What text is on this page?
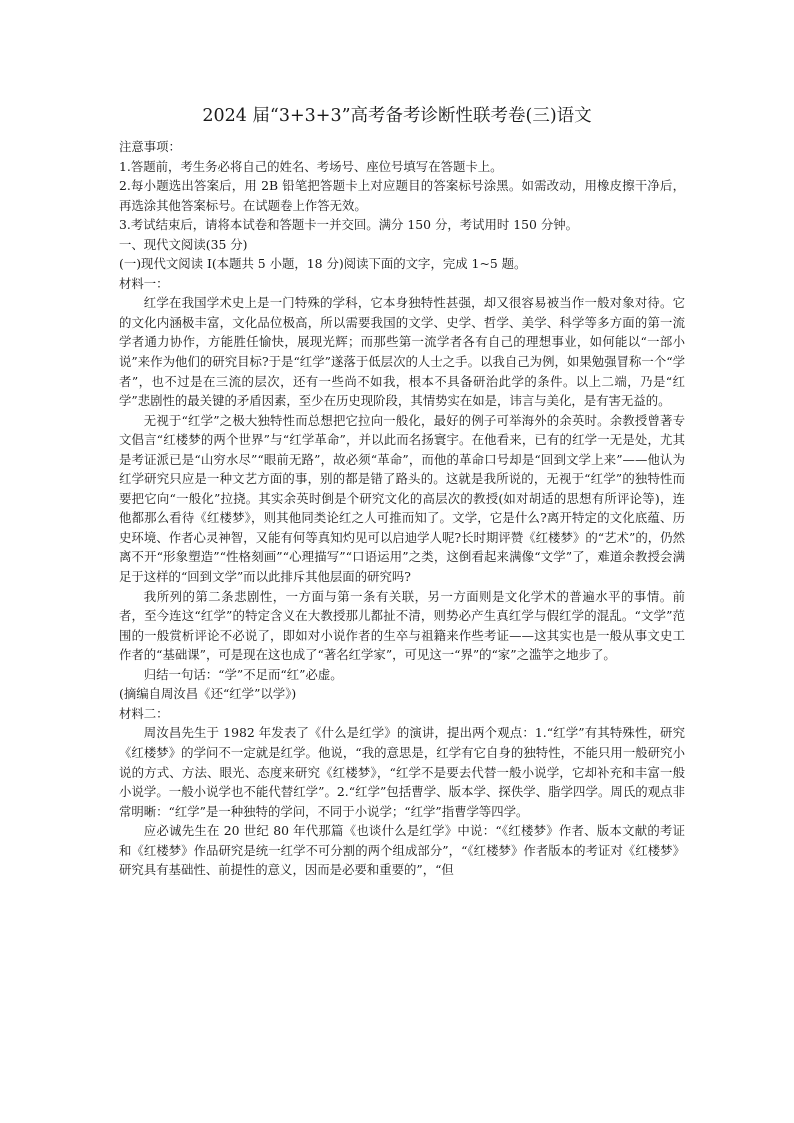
2024 届“3+3+3”高考备考诊断性联考卷(三)语文

注意事项：

1.答题前，考生务必将自己的姓名、考场号、座位号填写在答题卡上。

2.每小题选出答案后，用 2B 铅笔把答题卡上对应题目的答案标号涂黑。如需改动，用橡皮擦干净后，再选涂其他答案标号。在试题卷上作答无效。

3.考试结束后，请将本试卷和答题卡一并交回。满分 150 分，考试用时 150 分钟。

一、现代文阅读(35 分)

(一)现代文阅读 I(本题共 5 小题，18 分)阅读下面的文字，完成 1~5 题。

材料一：

红学在我国学术史上是一门特殊的学科，它本身独特性甚强，却又很容易被当作一般对象对待。它的文化内涵极丰富，文化品位极高，所以需要我国的文学、史学、哲学、美学、科学等多方面的第一流学者通力协作，方能胜任愉快，展现光辉；而那些第一流学者各有自己的理想事业，如何能以“一部小说”来作为他们的研究目标?于是“红学”遂落于低层次的人士之手。以我自己为例，如果勉强冒称一个“学者”，也不过是在三流的层次，还有一些尚不如我，根本不具备研治此学的条件。以上二端，乃是“红学”悲剧性的最关键的矛盾因素，至少在历史现阶段，其情势实在如是，讳言与美化，是有害无益的。

无视于“红学”之极大独特性而总想把它拉向一般化，最好的例子可举海外的余英时。余教授曾著专文倡言“红楼梦的两个世界”与“红学革命”，并以此而名扬寰宇。在他看来，已有的红学一无是处，尤其是考证派已是“山穷水尽”“眼前无路”，故必须“革命”，而他的革命口号却是“回到文学上来”——他认为红学研究只应是一种文艺方面的事，别的都是错了路头的。这就是我所说的，无视于“红学”的独特性而要把它向“一般化”拉挠。其实余英时倒是个研究文化的高层次的教授(如对胡适的思想有所评论等)，连他都那么看待《红楼梦》，则其他同类论红之人可推而知了。文学，它是什么?离开特定的文化底蕴、历史环境、作者心灵神智，又能有何等真知灼见可以启迪学人呢?长时期评赞《红楼梦》的“艺术”的，仍然离不开“形象塑造”“性格刻画”“心理描写”“口语运用”之类，这倒看起来满像“文学”了，难道余教授会满足于这样的“回到文学”而以此排斥其他层面的研究吗?

我所列的第二条悲剧性，一方面与第一条有关联，另一方面则是文化学术的普遍水平的事情。前者，至今连这“红学”的特定含义在大教授那儿都扯不清，则势必产生真红学与假红学的混乱。“文学”范围的一般赏析评论不必说了，即如对小说作者的生卒与祖籍来作些考证——这其实也是一般从事文史工作者的“基础课”，可是现在这也成了“著名红学家”，可见这一“界”的“家”之滥竽之地步了。

归结一句话：“学”不足而“红”必虚。

(摘编自周汝昌《还“红学”以学》)

材料二：

周汝昌先生于 1982 年发表了《什么是红学》的演讲，提出两个观点：1.“红学”有其特殊性，研究《红楼梦》的学问不一定就是红学。他说，“我的意思是，红学有它自身的独特性，不能只用一般研究小说的方式、方法、眼光、态度来研究《红楼梦》，“红学不是要去代替一般小说学，它却补充和丰富一般小说学。一般小说学也不能代替红学”。2.“红学”包括曹学、版本学、探佚学、脂学四学。周氏的观点非常明晰：“红学”是一种独特的学问，不同于小说学；“红学”指曹学等四学。

应必诚先生在 20 世纪 80 年代那篇《也谈什么是红学》中说：“《红楼梦》作者、版本文献的考证和《红楼梦》作品研究是统一红学不可分割的两个组成部分”，“《红楼梦》作者版本的考证对《红楼梦》研究具有基础性、前提性的意义，因而是必要和重要的”，“但
